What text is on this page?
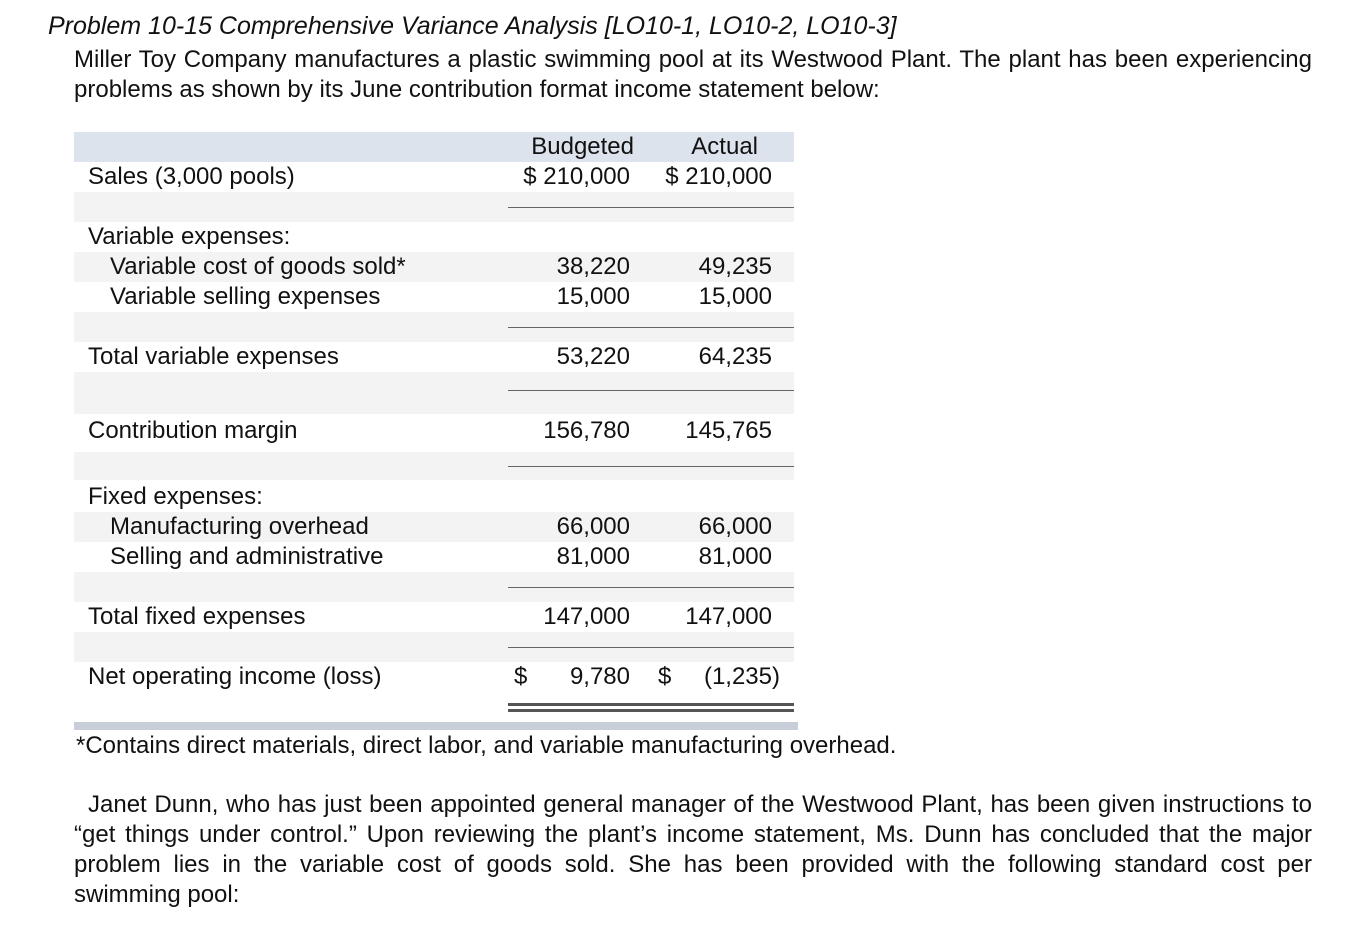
Problem 10-15 Comprehensive Variance Analysis [LO10-1, LO10-2, LO10-3]

Miller Toy Company manufactures a plastic swimming pool at its Westwood Plant. The plant has been experiencing problems as shown by its June contribution format income statement below:

Budgeted Actual
Sales (3,000 pools)	$ 210,000 $ 210,000
Variable expenses:
Variable cost of goods sold*	38,220	49,235
Variable selling expenses	15,000	15,000
Total variable expenses	53,220	64,235
Contribution margin	156,780 145,765
Fixed expenses:
Manufacturing overhead	66,000	66,000
Selling and administrative	81,000	81,000
Total fixed expenses	147,000 147,000
Net operating income (loss)	$ 9,780 $ (1,235)
*Contains direct materials, direct labor, and variable manufacturing overhead.

Janet Dunn, who has just been appointed general manager of the Westwood Plant, has been given instructions to “get things under control.” Upon reviewing the plant’s income statement, Ms. Dunn has concluded that the major problem lies in the variable cost of goods sold. She has been provided with the following standard cost per swimming pool:
